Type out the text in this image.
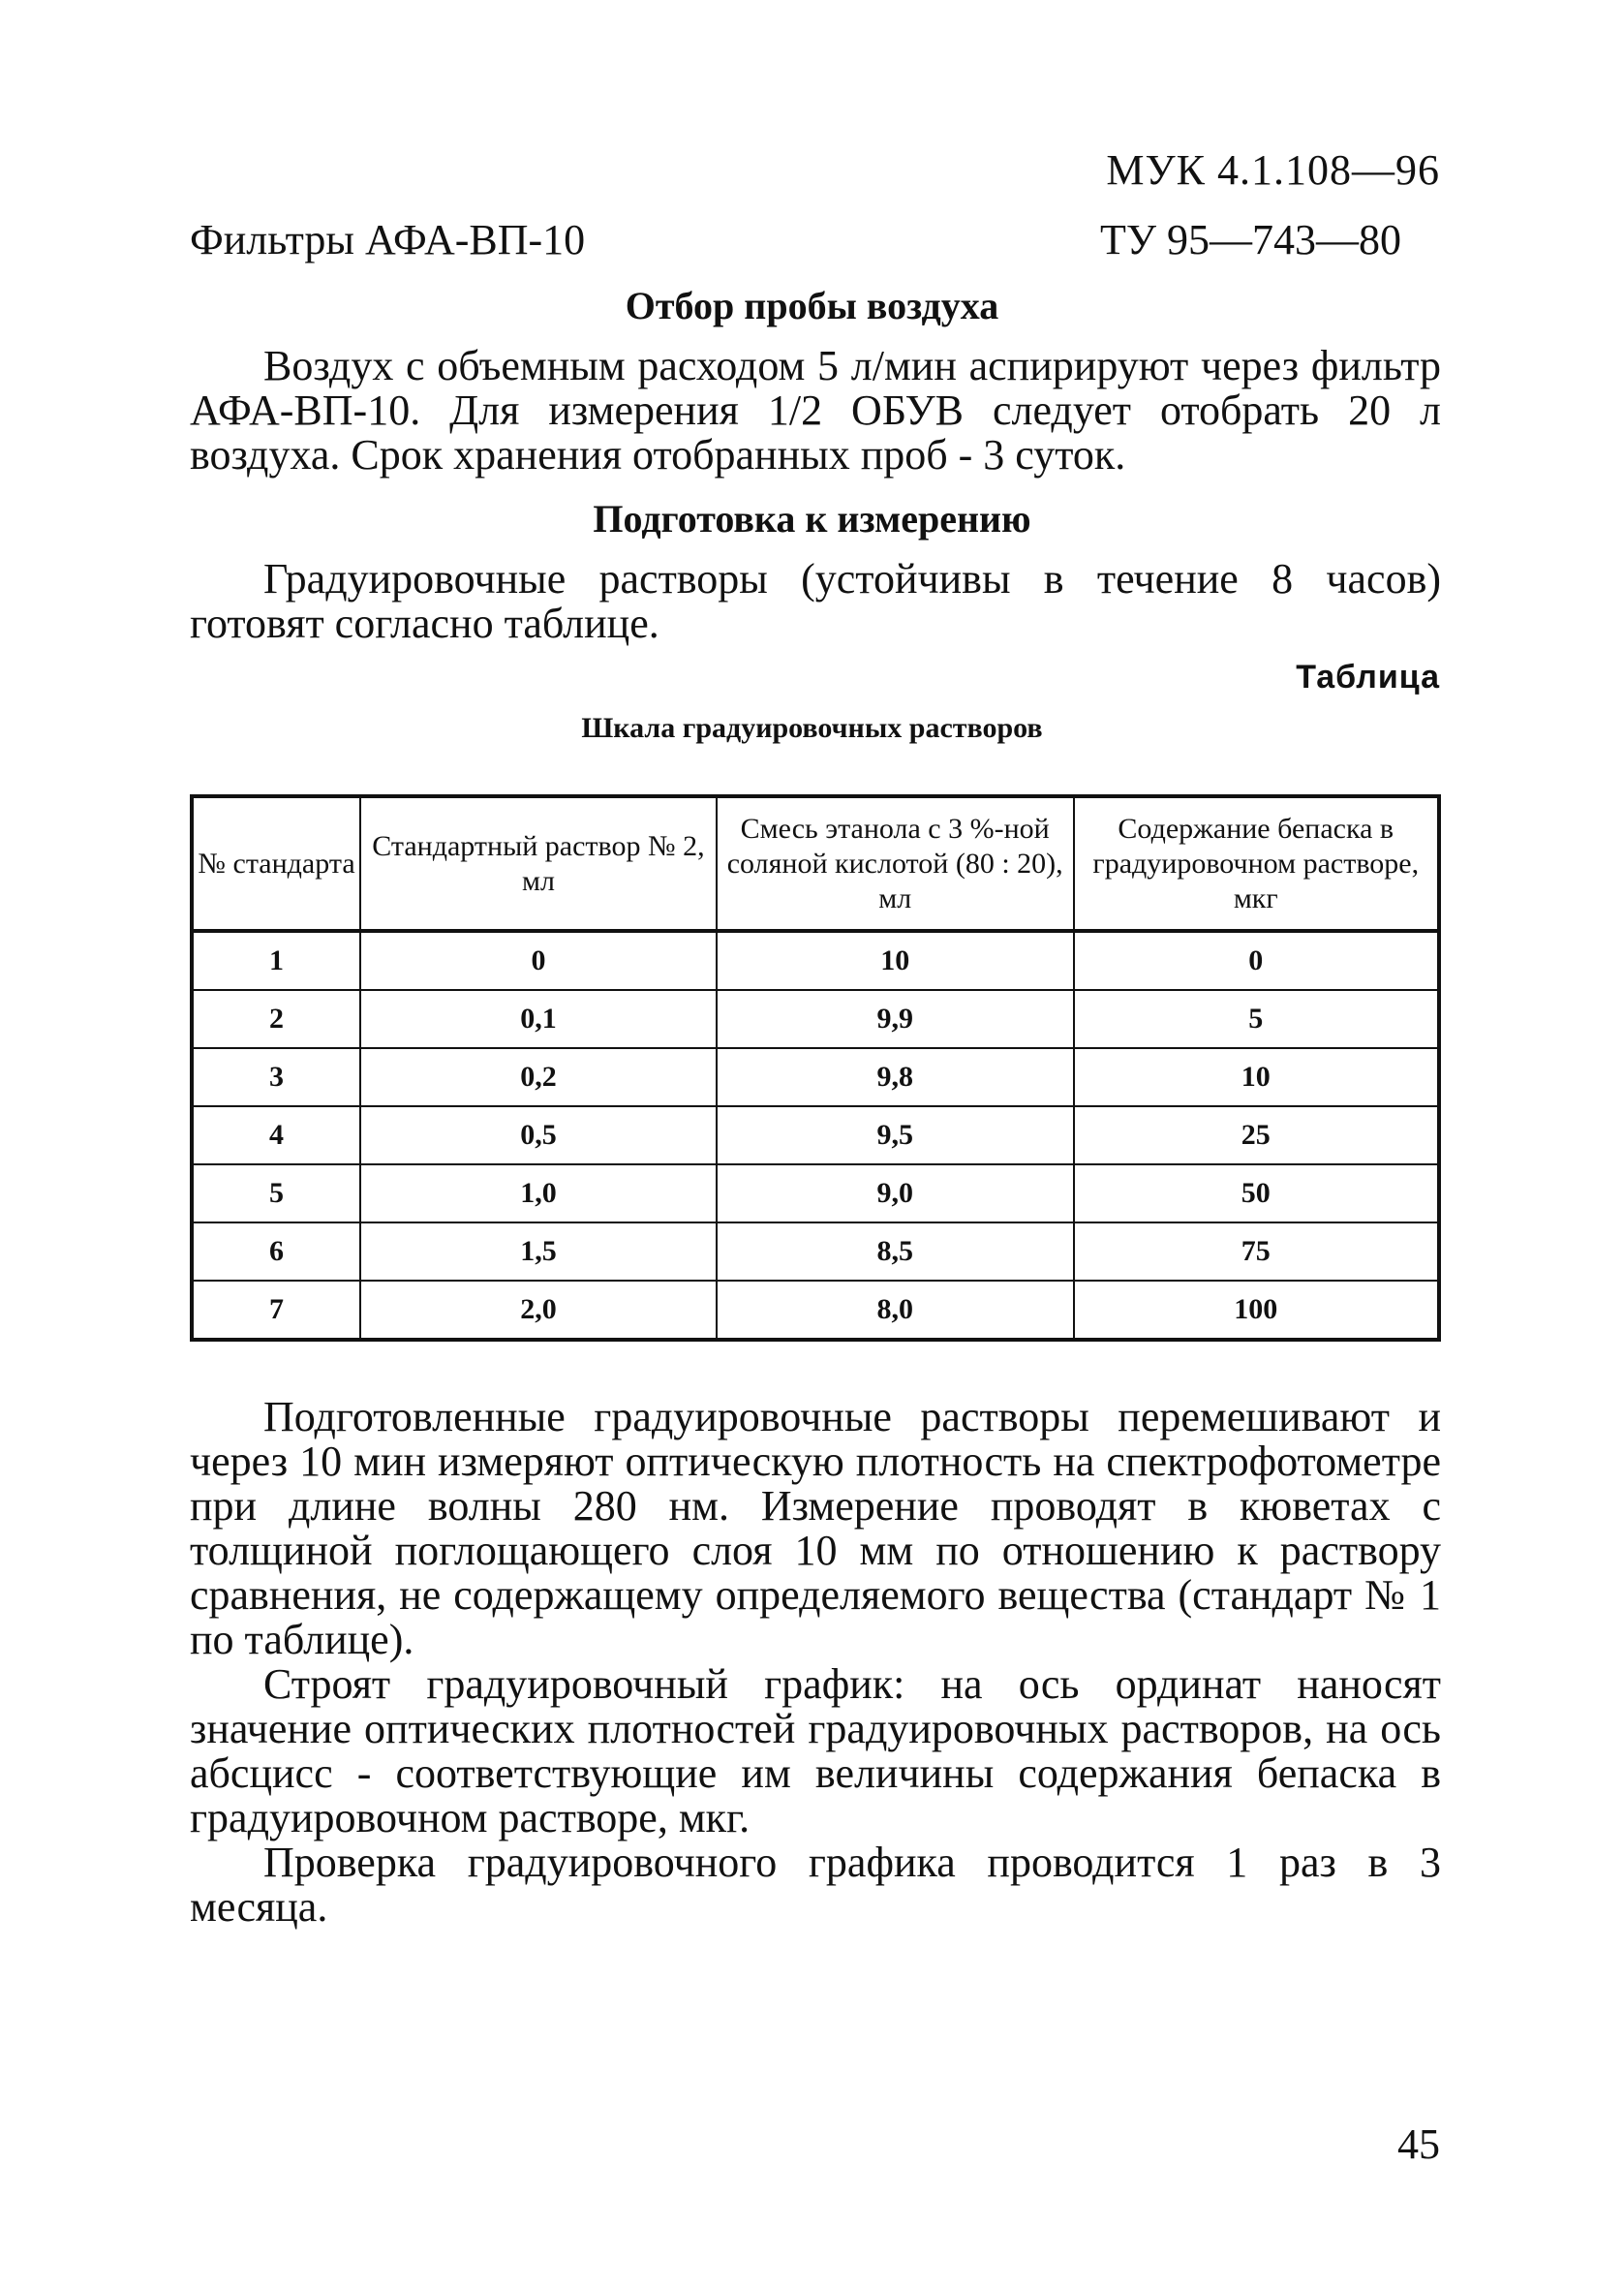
МУК 4.1.108—96
Фильтры АФА-ВП-10	ТУ 95—743—80
Отбор пробы воздуха

Воздух с объемным расходом 5 л/мин аспирируют через фильтр АФА-ВП-10. Для измерения 1/2 ОБУВ следует отобрать 20 л воздуха. Срок хранения отобранных проб - 3 суток.

Подготовка к измерению

Градуировочные растворы (устойчивы в течение 8 часов) готовят согласно таблице.

Таблица
Шкала градуировочных растворов
№ стандарта	Стандартный раствор № 2, мл	Смесь этанола с 3 %-ной соляной кислотой (80 : 20), мл	Содержание бепаска в градуировочном растворе, мкг
1	0	10	0
2	0,1	9,9	5
3	0,2	9,8	10
4	0,5	9,5	25
5	1,0	9,0	50
6	1,5	8,5	75
7	2,0	8,0	100

Подготовленные градуировочные растворы перемешивают и через 10 мин измеряют оптическую плотность на спектрофотометре при длине волны 280 нм. Измерение проводят в кюветах с толщиной поглощающего слоя 10 мм по отношению к раствору сравнения, не содержащему определяемого вещества (стандарт № 1 по таблице).

Строят градуировочный график: на ось ординат наносят значение оптических плотностей градуировочных растворов, на ось абсцисс - соответствующие им величины содержания бепаска в градуировочном растворе, мкг.

Проверка градуировочного графика проводится 1 раз в 3 месяца.

45
